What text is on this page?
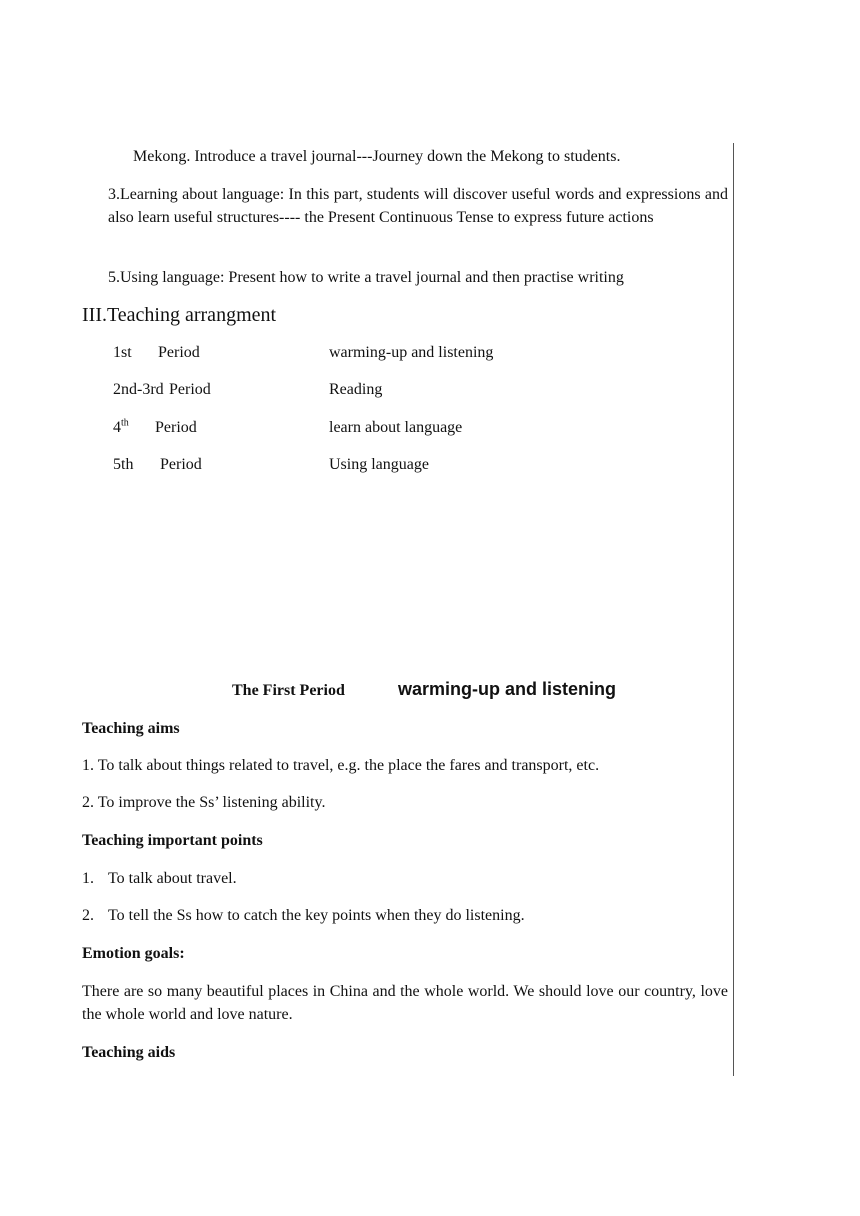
Mekong. Introduce a travel journal---Journey down the Mekong to students.
3.Learning about language: In this part, students will discover useful words and expressions and also learn useful structures---- the Present Continuous Tense to express future actions
5.Using language: Present how to write a travel journal and then practise writing
III.Teaching arrangment
1st Period	warming-up and listening
2nd-3rd Period	Reading
4th Period	learn about language
5th Period	Using language
The First Period	warming-up and listening
Teaching aims
1. To talk about things related to travel, e.g. the place the fares and transport, etc.
2. To improve the Ss’ listening ability.
Teaching important points
1. To talk about travel.
2. To tell the Ss how to catch the key points when they do listening.
Emotion goals:
There are so many beautiful places in China and the whole world. We should love our country, love the whole world and love nature.
Teaching aids
